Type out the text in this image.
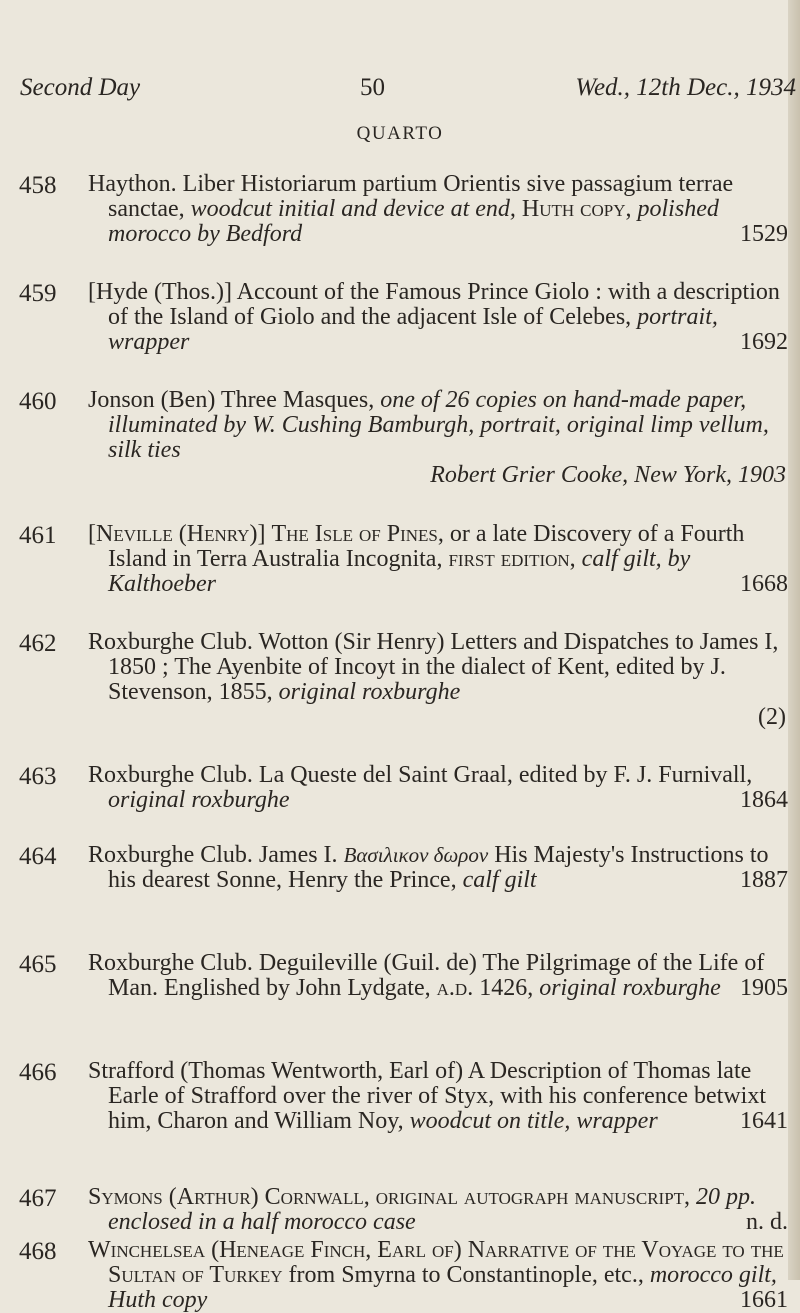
Second Day	50	Wed., 12th Dec., 1934
QUARTO
458	Haython. Liber Historiarum partium Orientis sive passagium terrae sanctae, woodcut initial and device at end, Huth copy, polished morocco by Bedford	1529

459	[Hyde (Thos.)] Account of the Famous Prince Giolo : with a description of the Island of Giolo and the adjacent Isle of Celebes, portrait, wrapper	1692

460	Jonson (Ben) Three Masques, one of 26 copies on hand-made paper, illuminated by W. Cushing Bamburgh, portrait, original limp vellum, silk ties

Robert Grier Cooke, New York, 1903

461	[Neville (Henry)] The Isle of Pines, or a late Discovery of a Fourth Island in Terra Australia Incognita, first edition, calf gilt, by Kalthoeber	1668

462	Roxburghe Club. Wotton (Sir Henry) Letters and Dispatches to James I, 1850 ; The Ayenbite of Incoyt in the dialect of Kent, edited by J. Stevenson, 1855, original roxburghe

(2)

463	Roxburghe Club. La Queste del Saint Graal, edited by F. J. Furnivall, original roxburghe	1864

464	Roxburghe Club. James I. Βασιλικον δωρον His Majesty's Instructions to his dearest Sonne, Henry the Prince, calf gilt	1887

465	Roxburghe Club. Deguileville (Guil. de) The Pilgrimage of the Life of Man. Englished by John Lydgate, a.d. 1426, original roxburghe 1905

466	Strafford (Thomas Wentworth, Earl of) A Description of Thomas late Earle of Strafford over the river of Styx, with his conference betwixt him, Charon and William Noy, woodcut on title, wrapper	1641

467	Symons (Arthur) Cornwall, original autograph manuscript, 20 pp. enclosed in a half morocco case	n. d.

468	Winchelsea (Heneage Finch, Earl of) Narrative of the Voyage to the Sultan of Turkey from Smyrna to Constantinople, etc., morocco gilt, Huth copy	1661
